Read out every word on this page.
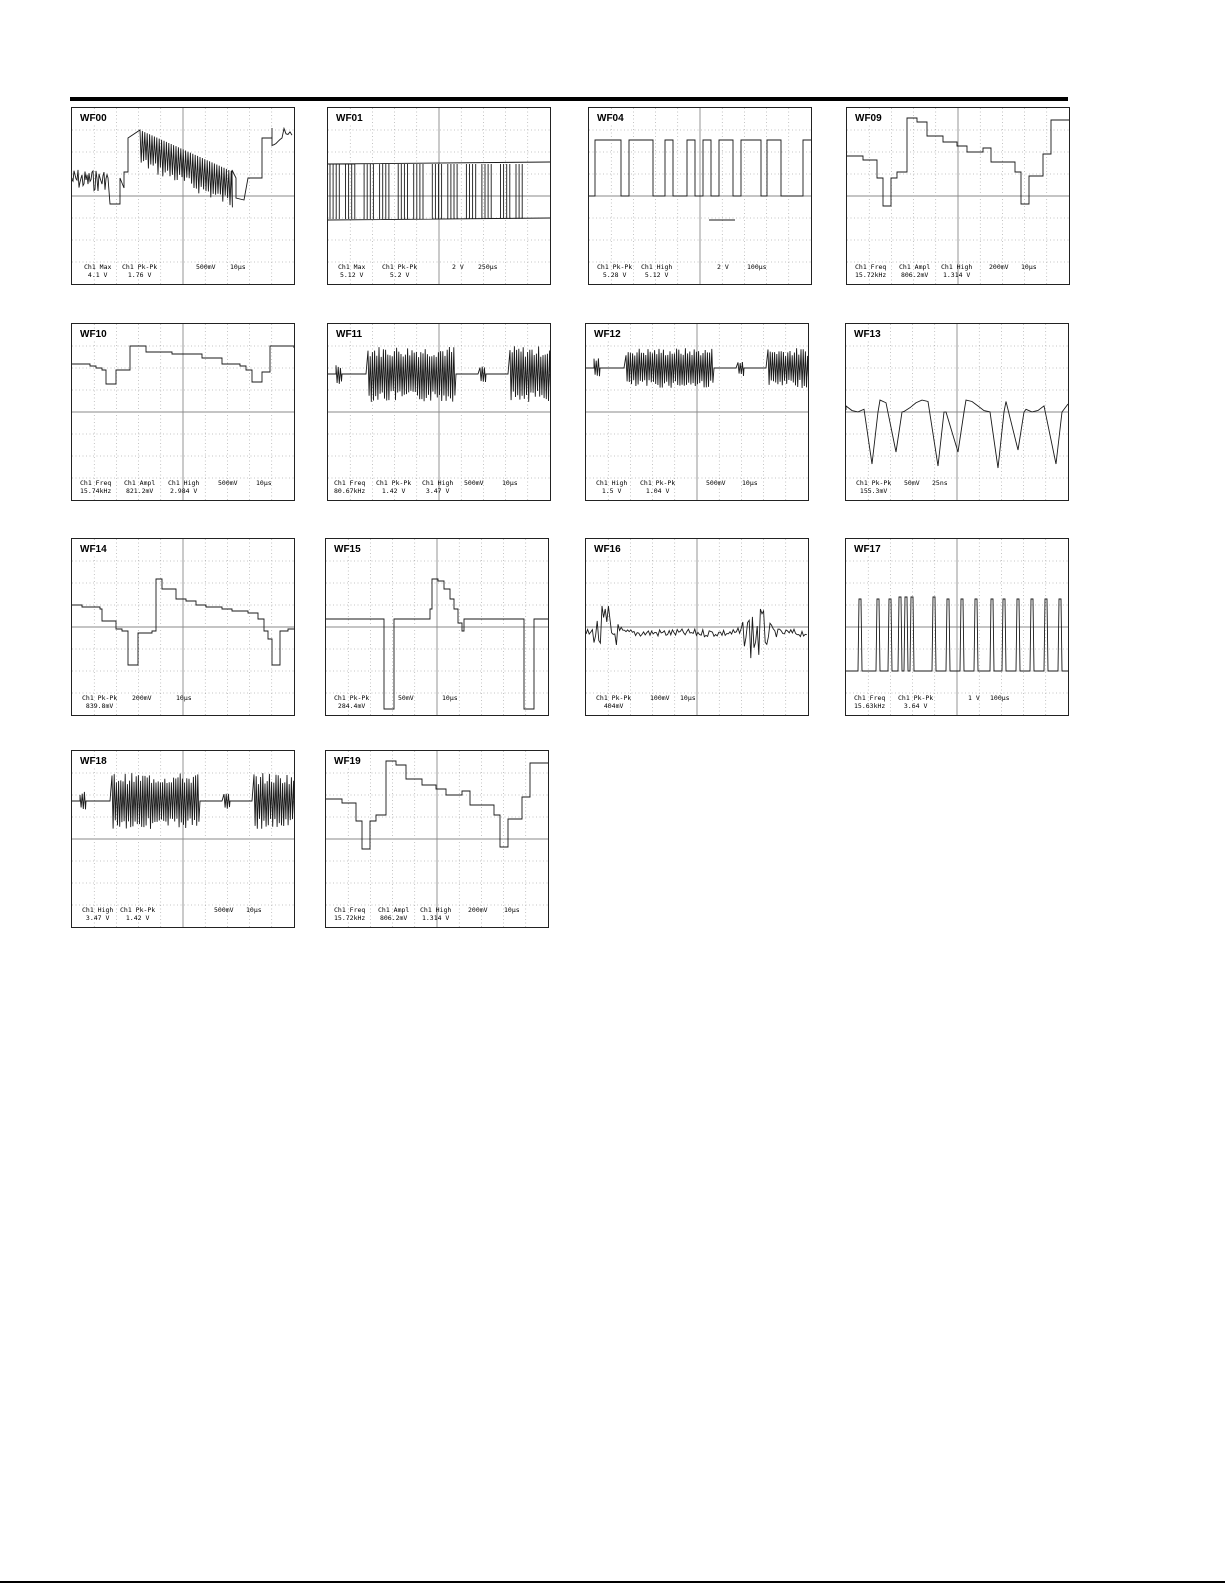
WF00
Ch1 Max
4.1 V
Ch1 Pk-Pk
1.76 V
500mV 10µs
WF01
Ch1 Max
5.12 V
Ch1 Pk-Pk
5.2 V
2 V 250µs
WF04
Ch1 Pk-Pk
5.28 V
Ch1 High
5.12 V
2 V	100µs
WF09
Ch1 Freq
15.72kHz
Ch1 Ampl
806.2mV
Ch1 High
1.314 V
200mV 10µs
WF10
Ch1 Freq
15.74kHz
Ch1 Ampl
821.2mV
Ch1 High
2.984 V
500mV	10µs
WF11
Ch1 Freq
80.67kHz
Ch1 Pk-Pk
1.42 V
Ch1 High
3.47 V
500mV	10µs
WF12
Ch1 High
1.5 V
Ch1 Pk-Pk
1.04 V
500mV	10µs
WF13
Ch1 Pk-Pk
155.3mV
50mV 25ns
WF14
Ch1 Pk-Pk
839.8mV
200mV	10µs
WF15
Ch1 Pk-Pk
284.4mV
50mV	10µs
WF16
Ch1 Pk-Pk
404mV
100mV 10µs
WF17
Ch1 Freq
15.63kHz
Ch1 Pk-Pk
3.64 V
1 V 100µs
WF18
Ch1 High
3.47 V
Ch1 Pk-Pk
1.42 V
500mV 10µs
WF19
Ch1 Freq
15.72kHz
Ch1 Ampl
806.2mV
Ch1 High
1.314 V
200mV	10µs
